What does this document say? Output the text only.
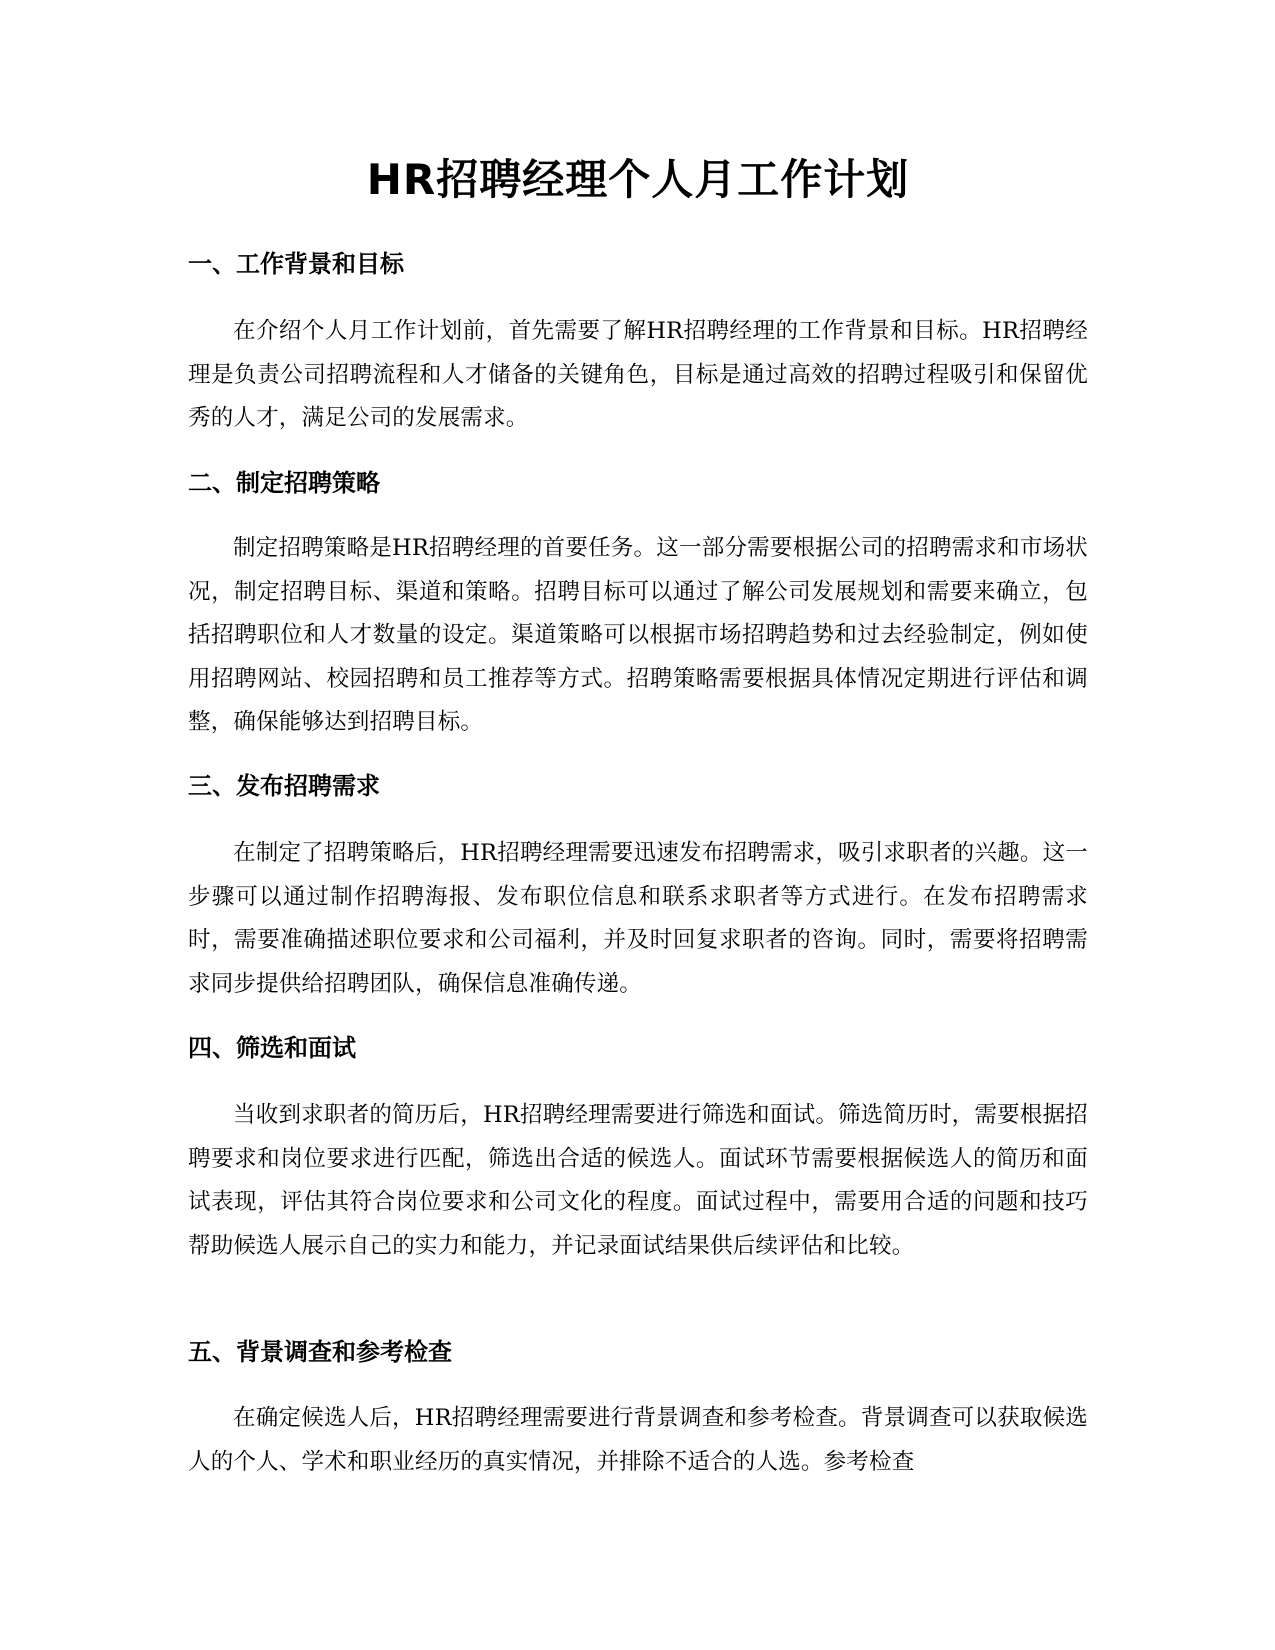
HR招聘经理个人月工作计划
一、工作背景和目标

在介绍个人月工作计划前，首先需要了解HR招聘经理的工作背景和目标。HR招聘经理是负责公司招聘流程和人才储备的关键角色，目标是通过高效的招聘过程吸引和保留优秀的人才，满足公司的发展需求。

二、制定招聘策略

制定招聘策略是HR招聘经理的首要任务。这一部分需要根据公司的招聘需求和市场状况，制定招聘目标、渠道和策略。招聘目标可以通过了解公司发展规划和需要来确立，包括招聘职位和人才数量的设定。渠道策略可以根据市场招聘趋势和过去经验制定，例如使用招聘网站、校园招聘和员工推荐等方式。招聘策略需要根据具体情况定期进行评估和调整，确保能够达到招聘目标。

三、发布招聘需求

在制定了招聘策略后，HR招聘经理需要迅速发布招聘需求，吸引求职者的兴趣。这一步骤可以通过制作招聘海报、发布职位信息和联系求职者等方式进行。在发布招聘需求时，需要准确描述职位要求和公司福利，并及时回复求职者的咨询。同时，需要将招聘需求同步提供给招聘团队，确保信息准确传递。

四、筛选和面试

当收到求职者的简历后，HR招聘经理需要进行筛选和面试。筛选简历时，需要根据招聘要求和岗位要求进行匹配，筛选出合适的候选人。面试环节需要根据候选人的简历和面试表现，评估其符合岗位要求和公司文化的程度。面试过程中，需要用合适的问题和技巧帮助候选人展示自己的实力和能力，并记录面试结果供后续评估和比较。

五、背景调查和参考检查

在确定候选人后，HR招聘经理需要进行背景调查和参考检查。背景调查可以获取候选人的个人、学术和职业经历的真实情况，并排除不适合的人选。参考检查
